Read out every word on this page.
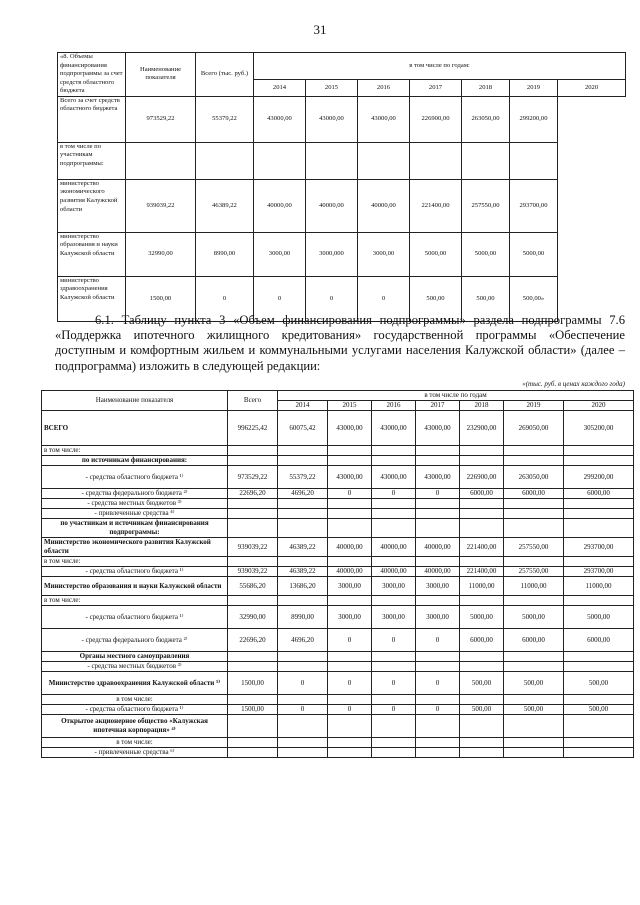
31
«8. Объемы финансирования подпрограммы за счет средств областного бюджета	Наименование показателя	Всего (тыс. руб.)	в том числе по годам:						
			2014	2015	2016	2017	2018	2019	2020
Всего за счет средств областного бюджета	973529,22	55379,22	43000,00	43000,00	43000,00	226900,00	263050,00	299200,00	
в том числе по участникам подпрограммы:									
министерство экономического развития Калужской области	939039,22	46389,22	40000,00	40000,00	40000,00	221400,00	257550,00	293700,00	
министерство образования и науки Калужской области	32990,00	8990,00	3000,00	3000,000	3000,00	5000,00	5000,00	5000,00	
министерство здравоохранения Калужской области	1500,00	0	0	0	0	500,00	500,00	500,00»	
6.1. Таблицу пункта 3 «Объем финансирования подпрограммы» раздела подпрограммы 7.6 «Поддержка ипотечного жилищного кредитования» государственной программы «Обеспечение доступным и комфортным жильем и коммунальными услугами населения Калужской области» (далее – подпрограмма) изложить в следующей редакции:
«(тыс. руб. в ценах каждого года)
Наименование показателя	Всего	в том числе по годам						
		2014	2015	2016	2017	2018	2019	2020
ВСЕГО	996225,42	60075,42	43000,00	43000,00	43000,00	232900,00	269050,00	305200,00
в том числе:								
по источникам финансирования:								
- средства областного бюджета ¹⁾	973529,22	55379,22	43000,00	43000,00	43000,00	226900,00	263050,00	299200,00
- средства федерального бюджета ²⁾	22696,20	4696,20	0	0	0	6000,00	6000,00	6000,00
- средства местных бюджетов ³⁾								
- привлеченные средства ⁴⁾								
по участникам и источникам финансирования подпрограммы:								
Министерство экономического развития Калужской области	939039,22	46389,22	40000,00	40000,00	40000,00	221400,00	257550,00	293700,00
в том числе:								
- средства областного бюджета ¹⁾	939039,22	46389,22	40000,00	40000,00	40000,00	221400,00	257550,00	293700,00
Министерство образования и науки Калужской области	55686,20	13686,20	3000,00	3000,00	3000,00	11000,00	11000,00	11000,00
в том числе:								
- средства областного бюджета ¹⁾	32990,00	8990,00	3000,00	3000,00	3000,00	5000,00	5000,00	5000,00
- средства федерального бюджета ²⁾	22696,20	4696,20	0	0	0	6000,00	6000,00	6000,00
Органы местного самоуправления								
- средства местных бюджетов ³⁾								
Министерство здравоохранения Калужской области ⁵⁾	1500,00	0	0	0	0	500,00	500,00	500,00
в том числе:								
- средства областного бюджета ¹⁾	1500,00	0	0	0	0	500,00	500,00	500,00
Открытое акционерное общество «Калужская ипотечная корпорация» ⁴⁾								
в том числе:								
- привлеченные средства ⁶⁾								
